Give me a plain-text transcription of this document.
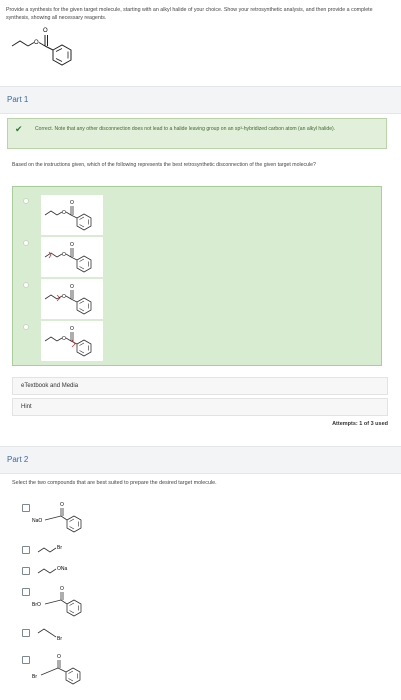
Provide a synthesis for the given target molecule, starting with an alkyl halide of your choice. Show your retrosynthetic analysis, and then provide a complete synthesis, showing all necessary reagents.
O
O
Part 1
✔ Correct. Note that any other disconnection does not lead to a halide leaving group on an sp³-hybridized carbon atom (an alkyl halide).
Based on the instructions given, which of the following represents the best retrosynthetic disconnection of the given target molecule?
O
O
O
O
O
O
O
O
eTextbook and Media
Hint
Attempts: 1 of 3 used
Part 2
Select the two compounds that are best suited to prepare the desired target molecule.
O
NaO
Br
ONa
O
BrO
Br
O
Br
